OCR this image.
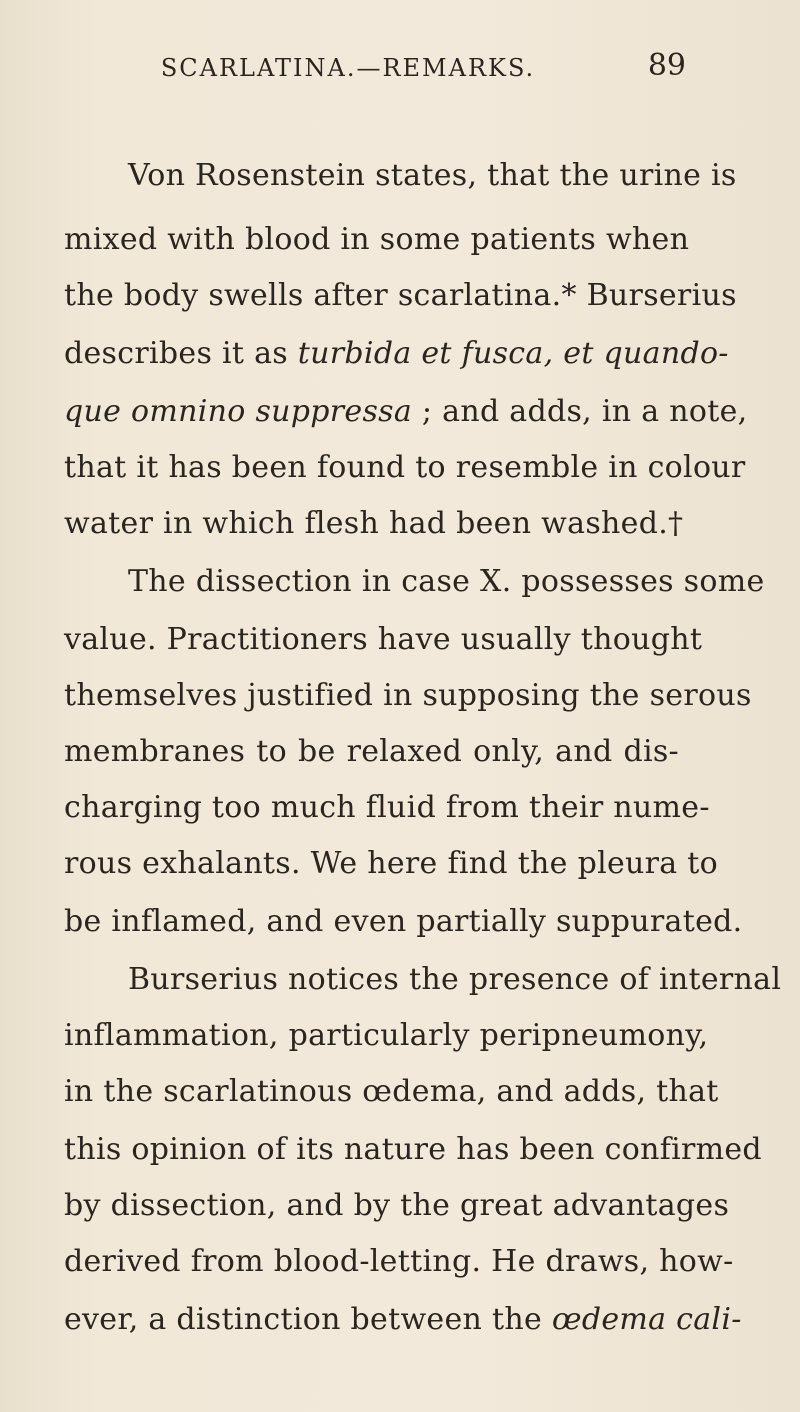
SCARLATINA.—REMARKS.	89
Von Rosenstein states, that the urine is
mixed with blood in some patients when
the body swells after scarlatina.* Burserius
describes it as turbida et fusca, et quando-
que omnino suppressa ; and adds, in a note,
that it has been found to resemble in colour
water in which flesh had been washed.†
The dissection in case X. possesses some
value. Practitioners have usually thought
themselves justified in supposing the serous
membranes to be relaxed only, and dis-
charging too much fluid from their nume-
rous exhalants. We here find the pleura to
be inflamed, and even partially suppurated.
Burserius notices the presence of internal
inflammation, particularly peripneumony,
in the scarlatinous œdema, and adds, that
this opinion of its nature has been confirmed
by dissection, and by the great advantages
derived from blood-letting. He draws, how-
ever, a distinction between the œdema cali-
